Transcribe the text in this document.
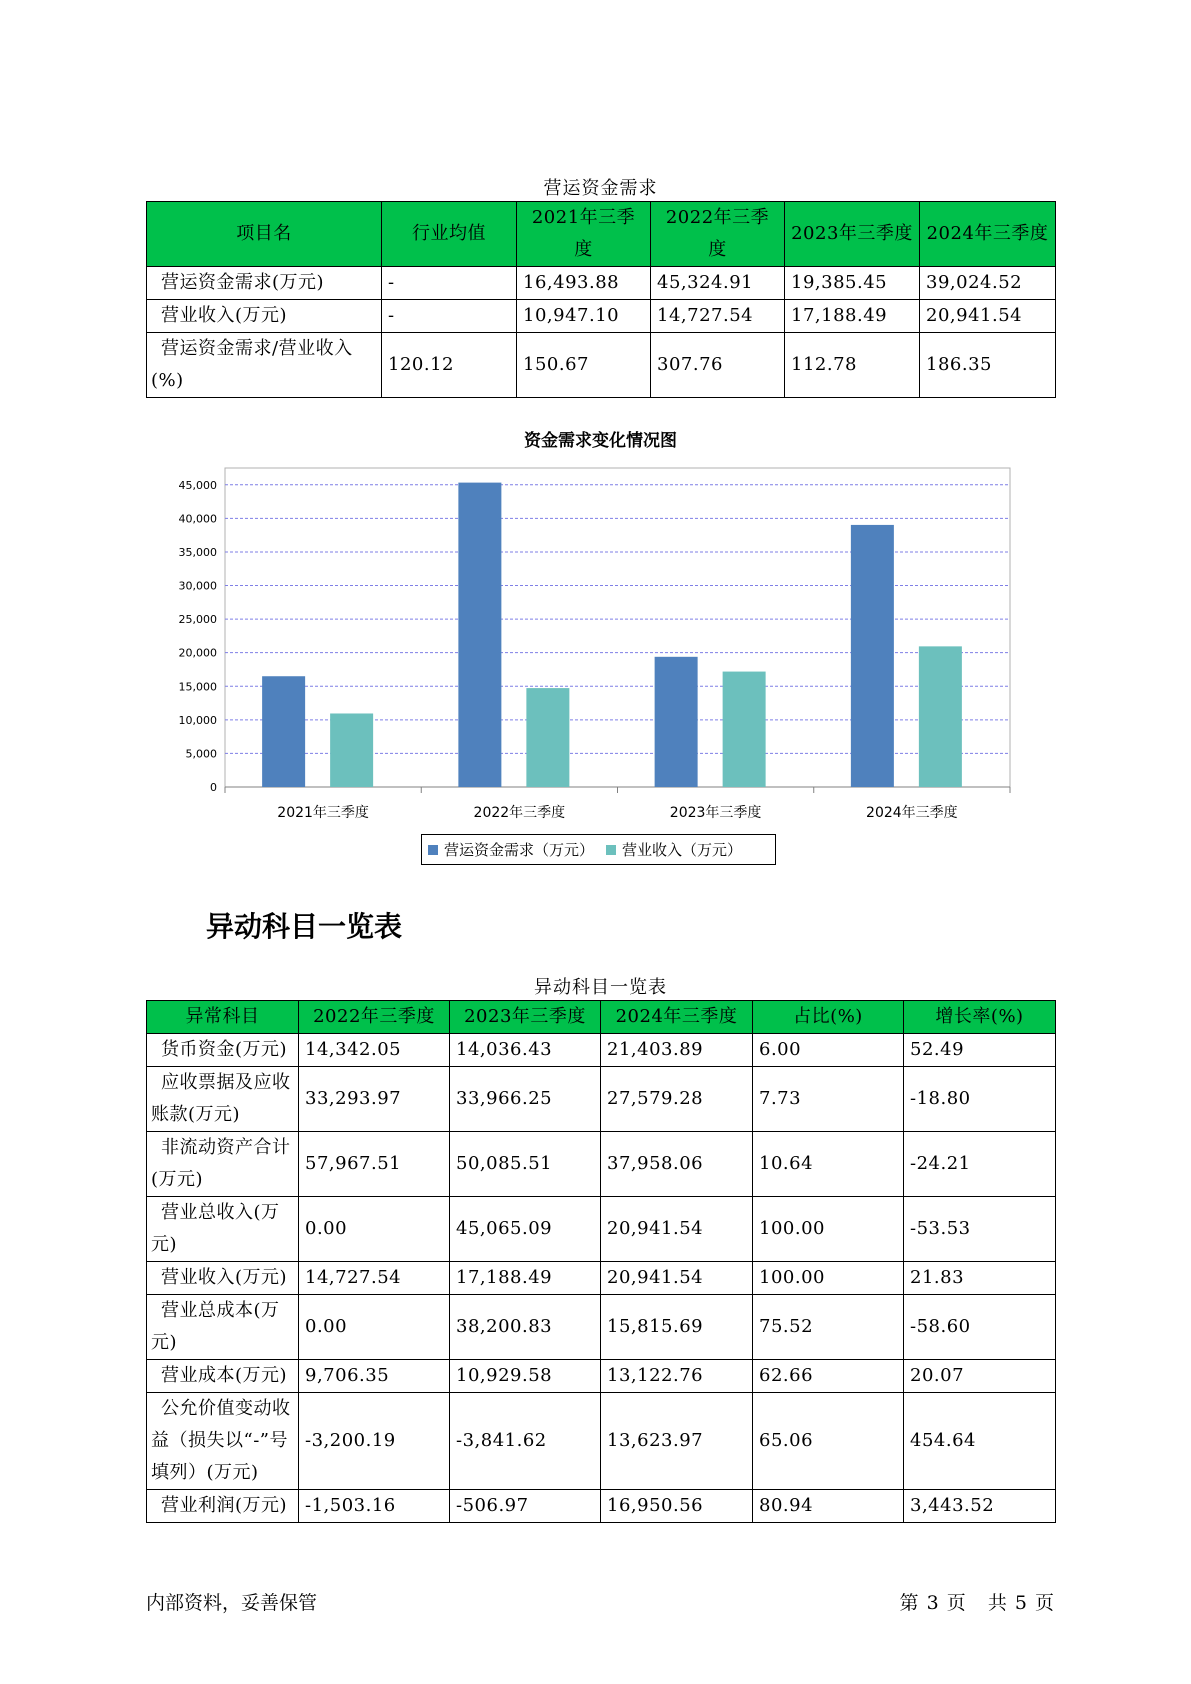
营运资金需求
项目名	行业均值	2021年三季度	2022年三季度	2023年三季度	2024年三季度
营运资金需求(万元)	-	16,493.88	45,324.91	19,385.45	39,024.52
营业收入(万元)	-	10,947.10	14,727.54	17,188.49	20,941.54
营运资金需求/营业收入(%)	120.12	150.67	307.76	112.78	186.35
资金需求变化情况图
0
5,000
10,000
15,000
20,000
25,000
30,000
35,000
40,000
45,000
2021年三季度	2022年三季度	2023年三季度	2024年三季度
营运资金需求（万元） 营业收入（万元）
异动科目一览表
异动科目一览表
异常科目	2022年三季度	2023年三季度	2024年三季度	占比(%)	增长率(%)
货币资金(万元)	14,342.05	14,036.43	21,403.89	6.00	52.49
应收票据及应收账款(万元)	33,293.97	33,966.25	27,579.28	7.73	-18.80
非流动资产合计(万元)	57,967.51	50,085.51	37,958.06	10.64	-24.21
营业总收入(万元)	0.00	45,065.09	20,941.54	100.00	-53.53
营业收入(万元)	14,727.54	17,188.49	20,941.54	100.00	21.83
营业总成本(万元)	0.00	38,200.83	15,815.69	75.52	-58.60
营业成本(万元)	9,706.35	10,929.58	13,122.76	62.66	20.07
公允价值变动收益（损失以“-”号填列）(万元)	-3,200.19	-3,841.62	13,623.97	65.06	454.64
营业利润(万元)	-1,503.16	-506.97	16,950.56	80.94	3,443.52
内部资料，妥善保管	第 3 页   共 5 页
